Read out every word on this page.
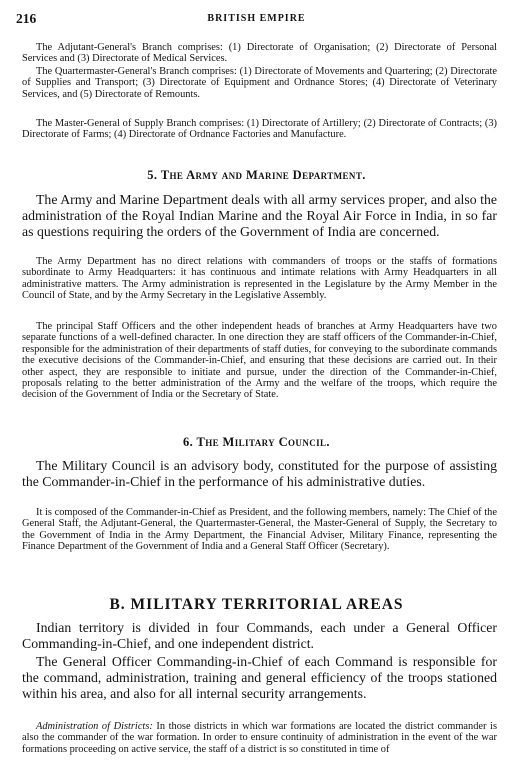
216	BRITISH EMPIRE

The Adjutant-General's Branch comprises: (1) Directorate of Organisation; (2) Directorate of Personal Services and (3) Directorate of Medical Services.

The Quartermaster-General's Branch comprises: (1) Directorate of Movements and Quartering; (2) Directorate of Supplies and Transport; (3) Directorate of Equipment and Ordnance Stores; (4) Directorate of Veterinary Services, and (5) Directorate of Remounts.

The Master-General of Supply Branch comprises: (1) Directorate of Artillery; (2) Directorate of Contracts; (3) Directorate of Farms; (4) Directorate of Ordnance Factories and Manufacture.

5. The Army and Marine Department.

The Army and Marine Department deals with all army services proper, and also the administration of the Royal Indian Marine and the Royal Air Force in India, in so far as questions requiring the orders of the Government of India are concerned.

The Army Department has no direct relations with commanders of troops or the staffs of formations subordinate to Army Headquarters: it has continuous and intimate relations with Army Headquarters in all administrative matters. The Army administration is represented in the Legislature by the Army Member in the Council of State, and by the Army Secretary in the Legislative Assembly.

The principal Staff Officers and the other independent heads of branches at Army Headquarters have two separate functions of a well-defined character. In one direction they are staff officers of the Commander-in-Chief, responsible for the administration of their departments of staff duties, for conveying to the subordinate commands the executive decisions of the Commander-in-Chief, and ensuring that these decisions are carried out. In their other aspect, they are responsible to initiate and pursue, under the direction of the Commander-in-Chief, proposals relating to the better administration of the Army and the welfare of the troops, which require the decision of the Government of India or the Secretary of State.

6. The Military Council.

The Military Council is an advisory body, constituted for the purpose of assisting the Commander-in-Chief in the performance of his administrative duties.

It is composed of the Commander-in-Chief as President, and the following members, namely: The Chief of the General Staff, the Adjutant-General, the Quartermaster-General, the Master-General of Supply, the Secretary to the Government of India in the Army Department, the Financial Adviser, Military Finance, representing the Finance Department of the Government of India and a General Staff Officer (Secretary).

B. MILITARY TERRITORIAL AREAS

Indian territory is divided in four Commands, each under a General Officer Commanding-in-Chief, and one independent district.

The General Officer Commanding-in-Chief of each Command is responsible for the command, administration, training and general efficiency of the troops stationed within his area, and also for all internal security arrangements.

Administration of Districts: In those districts in which war formations are located the district commander is also the commander of the war formation. In order to ensure continuity of administration in the event of the war formations proceeding on active service, the staff of a district is so constituted in time of
